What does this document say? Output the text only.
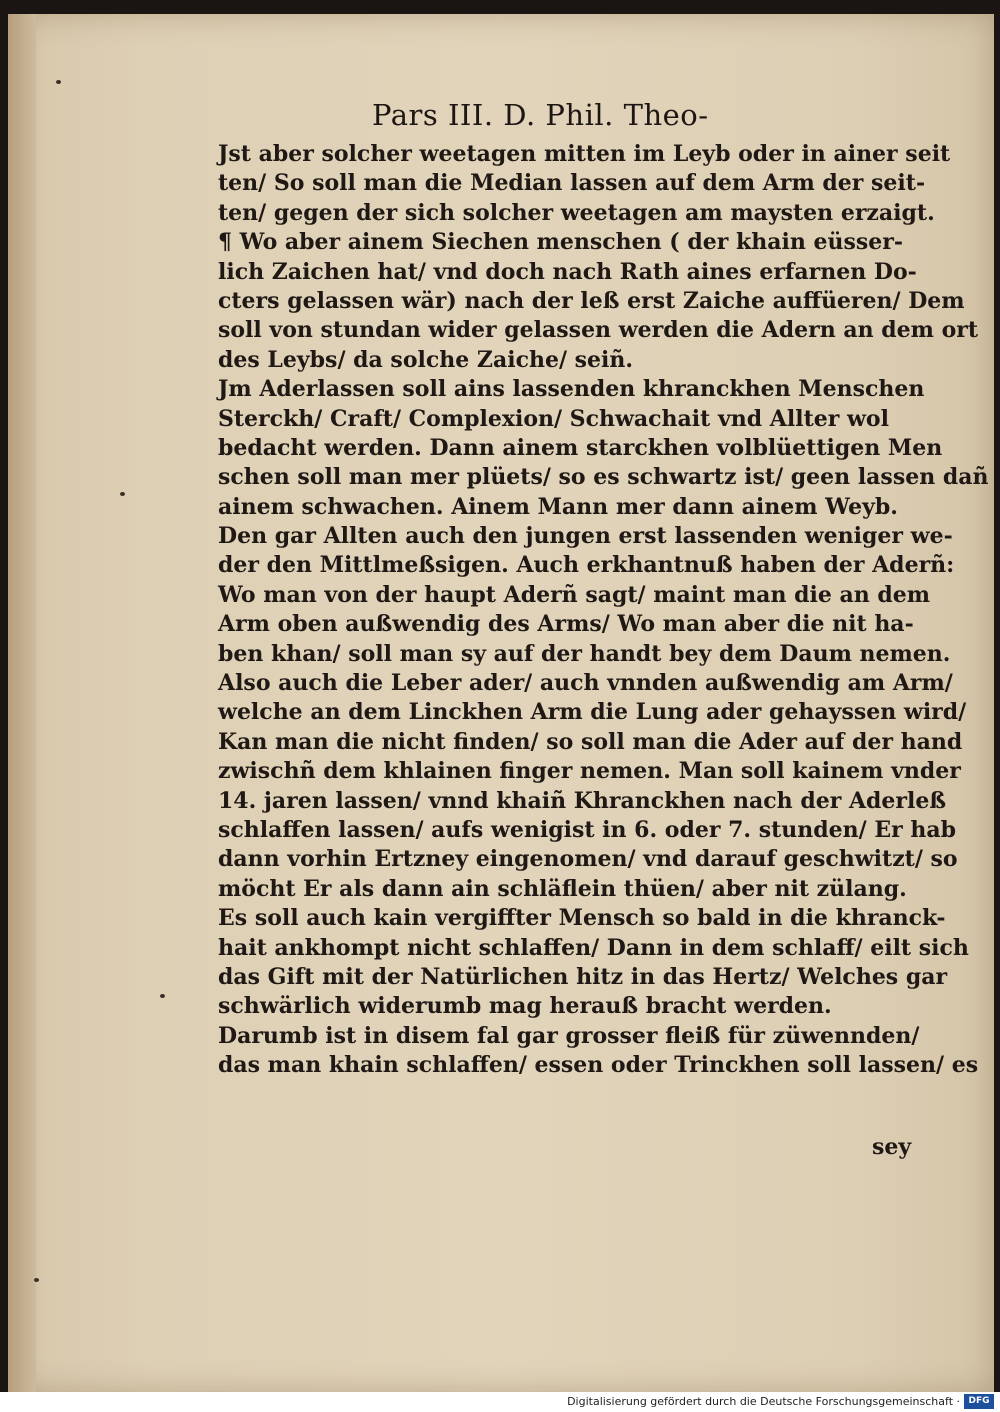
Pars III. D. Phil. Theo-
Jst aber solcher weetagen mitten im Leyb oder in ainer seit
ten/ So soll man die Median lassen auf dem Arm der seit-
ten/ gegen der sich solcher weetagen am maysten erzaigt.
¶ Wo aber ainem Siechen menschen ( der khain eüsser-
lich Zaichen hat/ vnd doch nach Rath aines erfarnen Do-
cters gelassen wär) nach der leß erst Zaiche auffüeren/ Dem
soll von stundan wider gelassen werden die Adern an dem ort
des Leybs/ da solche Zaiche/ seiñ.
Jm Aderlassen soll ains lassenden khranckhen Menschen
Sterckh/ Craft/ Complexion/ Schwachait vnd Allter wol
bedacht werden. Dann ainem starckhen volblüettigen Men
schen soll man mer plüets/ so es schwartz ist/ geen lassen dañ
ainem schwachen. Ainem Mann mer dann ainem Weyb.
Den gar Allten auch den jungen erst lassenden weniger we-
der den Mittlmeßsigen. Auch erkhantnuß haben der Aderñ:
Wo man von der haupt Aderñ sagt/ maint man die an dem
Arm oben außwendig des Arms/ Wo man aber die nit ha-
ben khan/ soll man sy auf der handt bey dem Daum nemen.
Also auch die Leber ader/ auch vnnden außwendig am Arm/
welche an dem Linckhen Arm die Lung ader gehayssen wird/
Kan man die nicht finden/ so soll man die Ader auf der hand
zwischñ dem khlainen finger nemen. Man soll kainem vnder
14. jaren lassen/ vnnd khaiñ Khranckhen nach der Aderleß
schlaffen lassen/ aufs wenigist in 6. oder 7. stunden/ Er hab
dann vorhin Ertzney eingenomen/ vnd darauf geschwitzt/ so
möcht Er als dann ain schläflein thüen/ aber nit zülang.
Es soll auch kain vergiffter Mensch so bald in die khranck-
hait ankhompt nicht schlaffen/ Dann in dem schlaff/ eilt sich
das Gift mit der Natürlichen hitz in das Hertz/ Welches gar
schwärlich widerumb mag herauß bracht werden.
Darumb ist in disem fal gar grosser fleiß für züwennden/
das man khain schlaffen/ essen oder Trinckhen soll lassen/ es
sey
Digitalisierung gefördert durch die Deutsche Forschungsgemeinschaft · DFG
